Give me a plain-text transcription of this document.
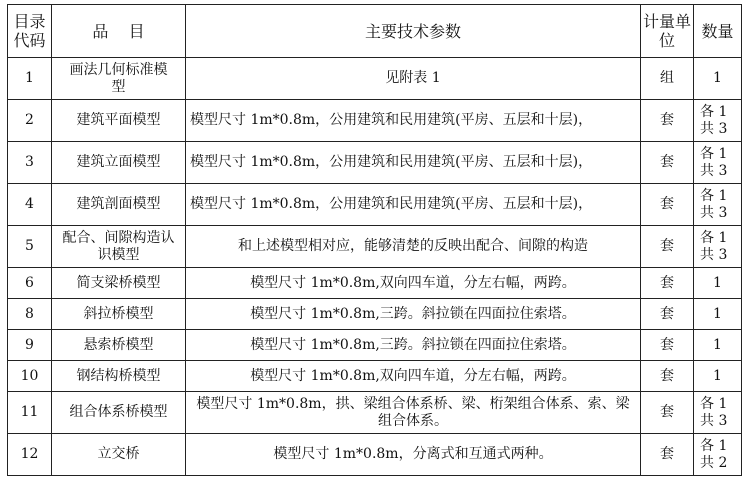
目录代码	品    目	主要技术参数	计量单位	数量
1	画法几何标准模型	见附表 1	组	1
2	建筑平面模型	模型尺寸 1m*0.8m，公用建筑和民用建筑(平房、五层和十层)，	套	各 1 共 3
3	建筑立面模型	模型尺寸 1m*0.8m，公用建筑和民用建筑(平房、五层和十层)，	套	各 1 共 3
4	建筑剖面模型	模型尺寸 1m*0.8m，公用建筑和民用建筑(平房、五层和十层)，	套	各 1 共 3
5	配合、间隙构造认识模型	和上述模型相对应，能够清楚的反映出配合、间隙的构造	套	各 1 共 3
6	简支梁桥模型	模型尺寸 1m*0.8m,双向四车道，分左右幅，两跨。	套	1
8	斜拉桥模型	模型尺寸 1m*0.8m,三跨。斜拉锁在四面拉住索塔。	套	1
9	悬索桥模型	模型尺寸 1m*0.8m,三跨。斜拉锁在四面拉住索塔。	套	1
10	钢结构桥模型	模型尺寸 1m*0.8m,双向四车道，分左右幅，两跨。	套	1
11	组合体系桥模型	模型尺寸 1m*0.8m，拱、梁组合体系桥、梁、桁架组合体系、索、梁组合体系。	套	各 1 共 3
12	立交桥	模型尺寸 1m*0.8m，分离式和互通式两种。	套	各 1 共 2
